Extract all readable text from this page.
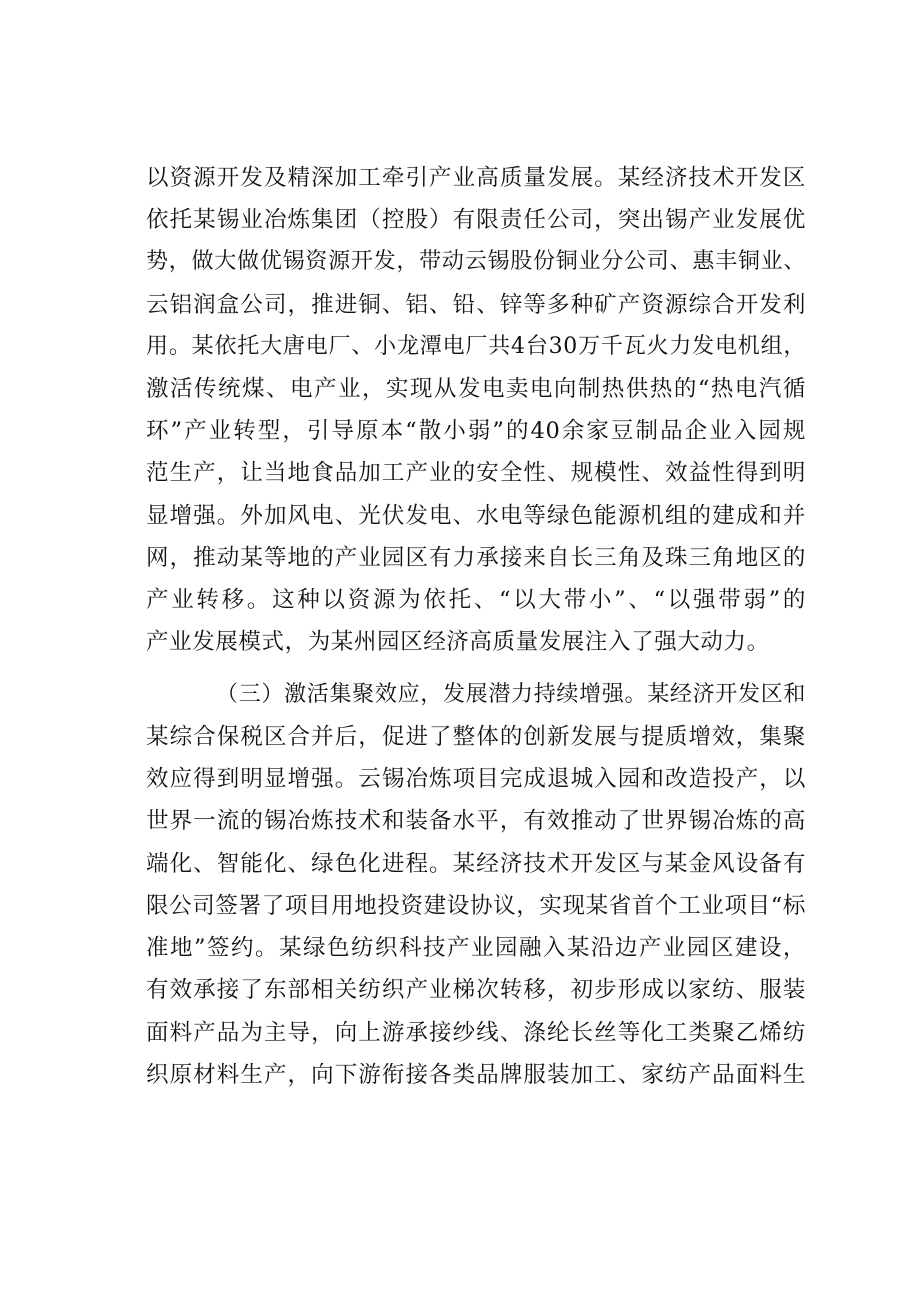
以资源开发及精深加工牵引产业高质量发展。某经济技术开发区
依托某锡业冶炼集团（控股）有限责任公司，突出锡产业发展优
势，做大做优锡资源开发，带动云锡股份铜业分公司、惠丰铜业、
云铝润盒公司，推进铜、铝、铅、锌等多种矿产资源综合开发利
用。某依托大唐电厂、小龙潭电厂共4台30万千瓦火力发电机组，
激活传统煤、电产业，实现从发电卖电向制热供热的“热电汽循
环”产业转型，引导原本“散小弱”的40余家豆制品企业入园规
范生产，让当地食品加工产业的安全性、规模性、效益性得到明
显增强。外加风电、光伏发电、水电等绿色能源机组的建成和并
网，推动某等地的产业园区有力承接来自长三角及珠三角地区的
产业转移。这种以资源为依托、“以大带小”、“以强带弱”的
产业发展模式，为某州园区经济高质量发展注入了强大动力。
（三）激活集聚效应，发展潜力持续增强。某经济开发区和
某综合保税区合并后，促进了整体的创新发展与提质增效，集聚
效应得到明显增强。云锡冶炼项目完成退城入园和改造投产，以
世界一流的锡冶炼技术和装备水平，有效推动了世界锡冶炼的高
端化、智能化、绿色化进程。某经济技术开发区与某金风设备有
限公司签署了项目用地投资建设协议，实现某省首个工业项目“标
准地”签约。某绿色纺织科技产业园融入某沿边产业园区建设，
有效承接了东部相关纺织产业梯次转移，初步形成以家纺、服装
面料产品为主导，向上游承接纱线、涤纶长丝等化工类聚乙烯纺
织原材料生产，向下游衔接各类品牌服装加工、家纺产品面料生
